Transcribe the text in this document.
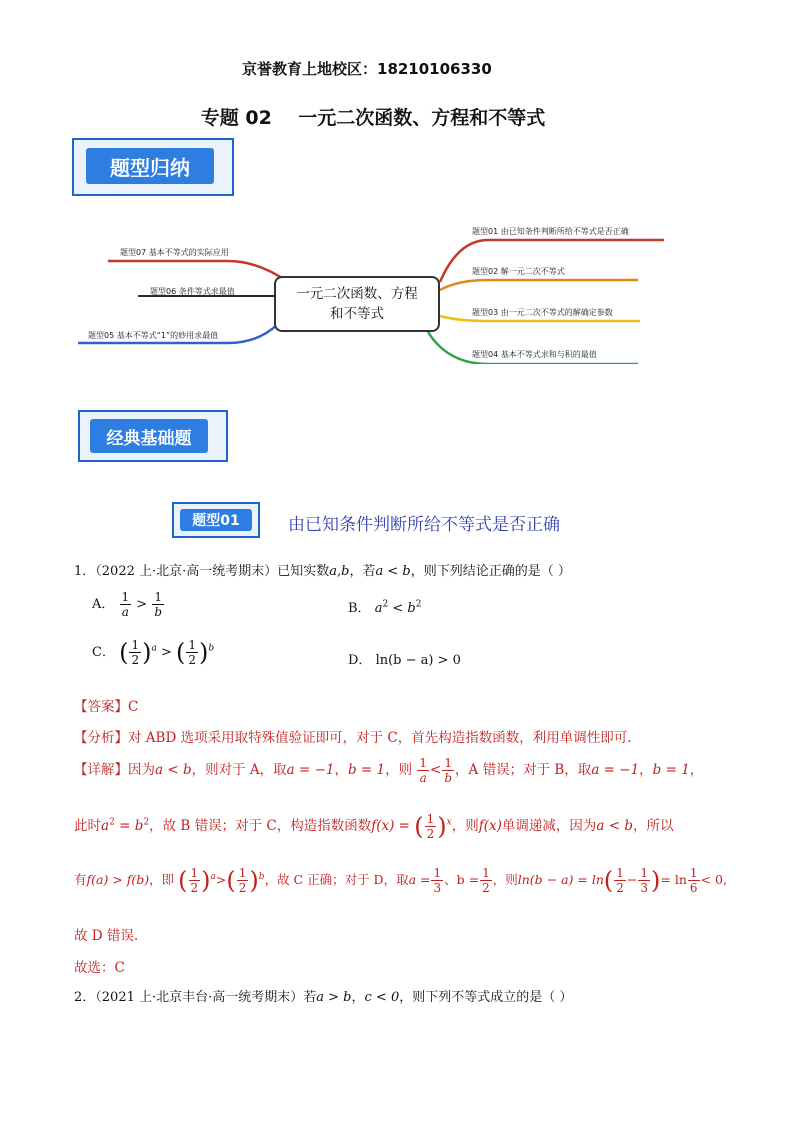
京誉教育上地校区：18210106330
专题 02    一元二次函数、方程和不等式
题型归纳
一元二次函数、方程
和不等式
题型07 基本不等式的实际应用
题型06 条件等式求最值
题型05 基本不等式“1”的妙用求最值
题型01 由已知条件判断所给不等式是否正确
题型02 解一元二次不等式
题型03 由一元二次不等式的解确定参数
题型04 基本不等式求和与积的最值
经典基础题
题型01	由已知条件判断所给不等式是否正确
1．（2022 上·北京·高一统考期末）已知实数a,b，若a < b，则下列结论正确的是（ ）
A． $\frac{1}{a} > \frac{1}{b}$	B． $a^2 < b^2$
C． ( $\frac{1}{2} )^a$ > ( $\frac{1}{2} )^b$
D． ln(b − a) > 0
【答案】C
【分析】对 ABD 选项采用取特殊值验证即可，对于 C，首先构造指数函数，利用单调性即可.
【详解】因为a < b，则对于 A，取a = −1，b = 1，则 $\frac{1}{a} < \frac{1}{b}$ ，A 错误；对于 B，取a = −1，b = 1，
此时$a^2 = b^2$，故 B 错误；对于 C，构造指数函数f(x) = ( $\frac{1}{2} )^x$，则f(x)单调递减，因为a < b，所以
有f(a) > f(b)，即 ( $\frac{1}{2} )^a>( \frac{1}{2} )^b$，故 C 正确；对于 D，取$a = \frac{1}{3}$ 、$b = \frac{1}{2}$ ，则$\ln(b - a) = \ln( \frac{1}{2} - \frac{1}{3}$ )= $\ln \frac{1}{6} < 0$,
故 D 错误.
故选：C
2．（2021 上·北京丰台·高一统考期末）若a > b，c < 0，则下列不等式成立的是（ ）
